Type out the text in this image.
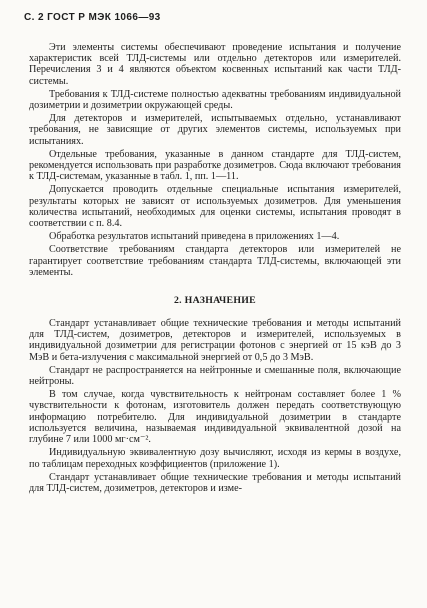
С. 2 ГОСТ Р МЭК 1066—93

Эти элементы системы обеспечивают проведение испытания и получение характеристик всей ТЛД-системы или отдельно детекторов или измерителей. Перечисления 3 и 4 являются объектом косвенных испытаний как части ТЛД-системы.

Требования к ТЛД-системе полностью адекватны требованиям индивидуальной дозиметрии и дозиметрии окружающей среды.

Для детекторов и измерителей, испытываемых отдельно, устанавливают требования, не зависящие от других элементов системы, используемых при испытаниях.

Отдельные требования, указанные в данном стандарте для ТЛД-систем, рекомендуется использовать при разработке дозиметров. Сюда включают требования к ТЛД-системам, указанные в табл. 1, пп. 1—11.

Допускается проводить отдельные специальные испытания измерителей, результаты которых не зависят от используемых дозиметров. Для уменьшения количества испытаний, необходимых для оценки системы, испытания проводят в соответствии с п. 8.4.

Обработка результатов испытаний приведена в приложениях 1—4.

Соответствие требованиям стандарта детекторов или измерителей не гарантирует соответствие требованиям стандарта ТЛД-системы, включающей эти элементы.

2. НАЗНАЧЕНИЕ

Стандарт устанавливает общие технические требования и методы испытаний для ТЛД-систем, дозиметров, детекторов и измерителей, используемых в индивидуальной дозиметрии для регистрации фотонов с энергией от 15 кэВ до 3 МэВ и бета-излучения с максимальной энергией от 0,5 до 3 МэВ.

Стандарт не распространяется на нейтронные и смешанные поля, включающие нейтроны.

В том случае, когда чувствительность к нейтронам составляет более 1 % чувствительности к фотонам, изготовитель должен передать соответствующую информацию потребителю. Для индивидуальной дозиметрии в стандарте используется величина, называемая индивидуальной эквивалентной дозой на глубине 7 или 1000 мг·см⁻².

Индивидуальную эквивалентную дозу вычисляют, исходя из кермы в воздухе, по таблицам переходных коэффициентов (приложение 1).

Стандарт устанавливает общие технические требования и методы испытаний для ТЛД-систем, дозиметров, детекторов и изме-
